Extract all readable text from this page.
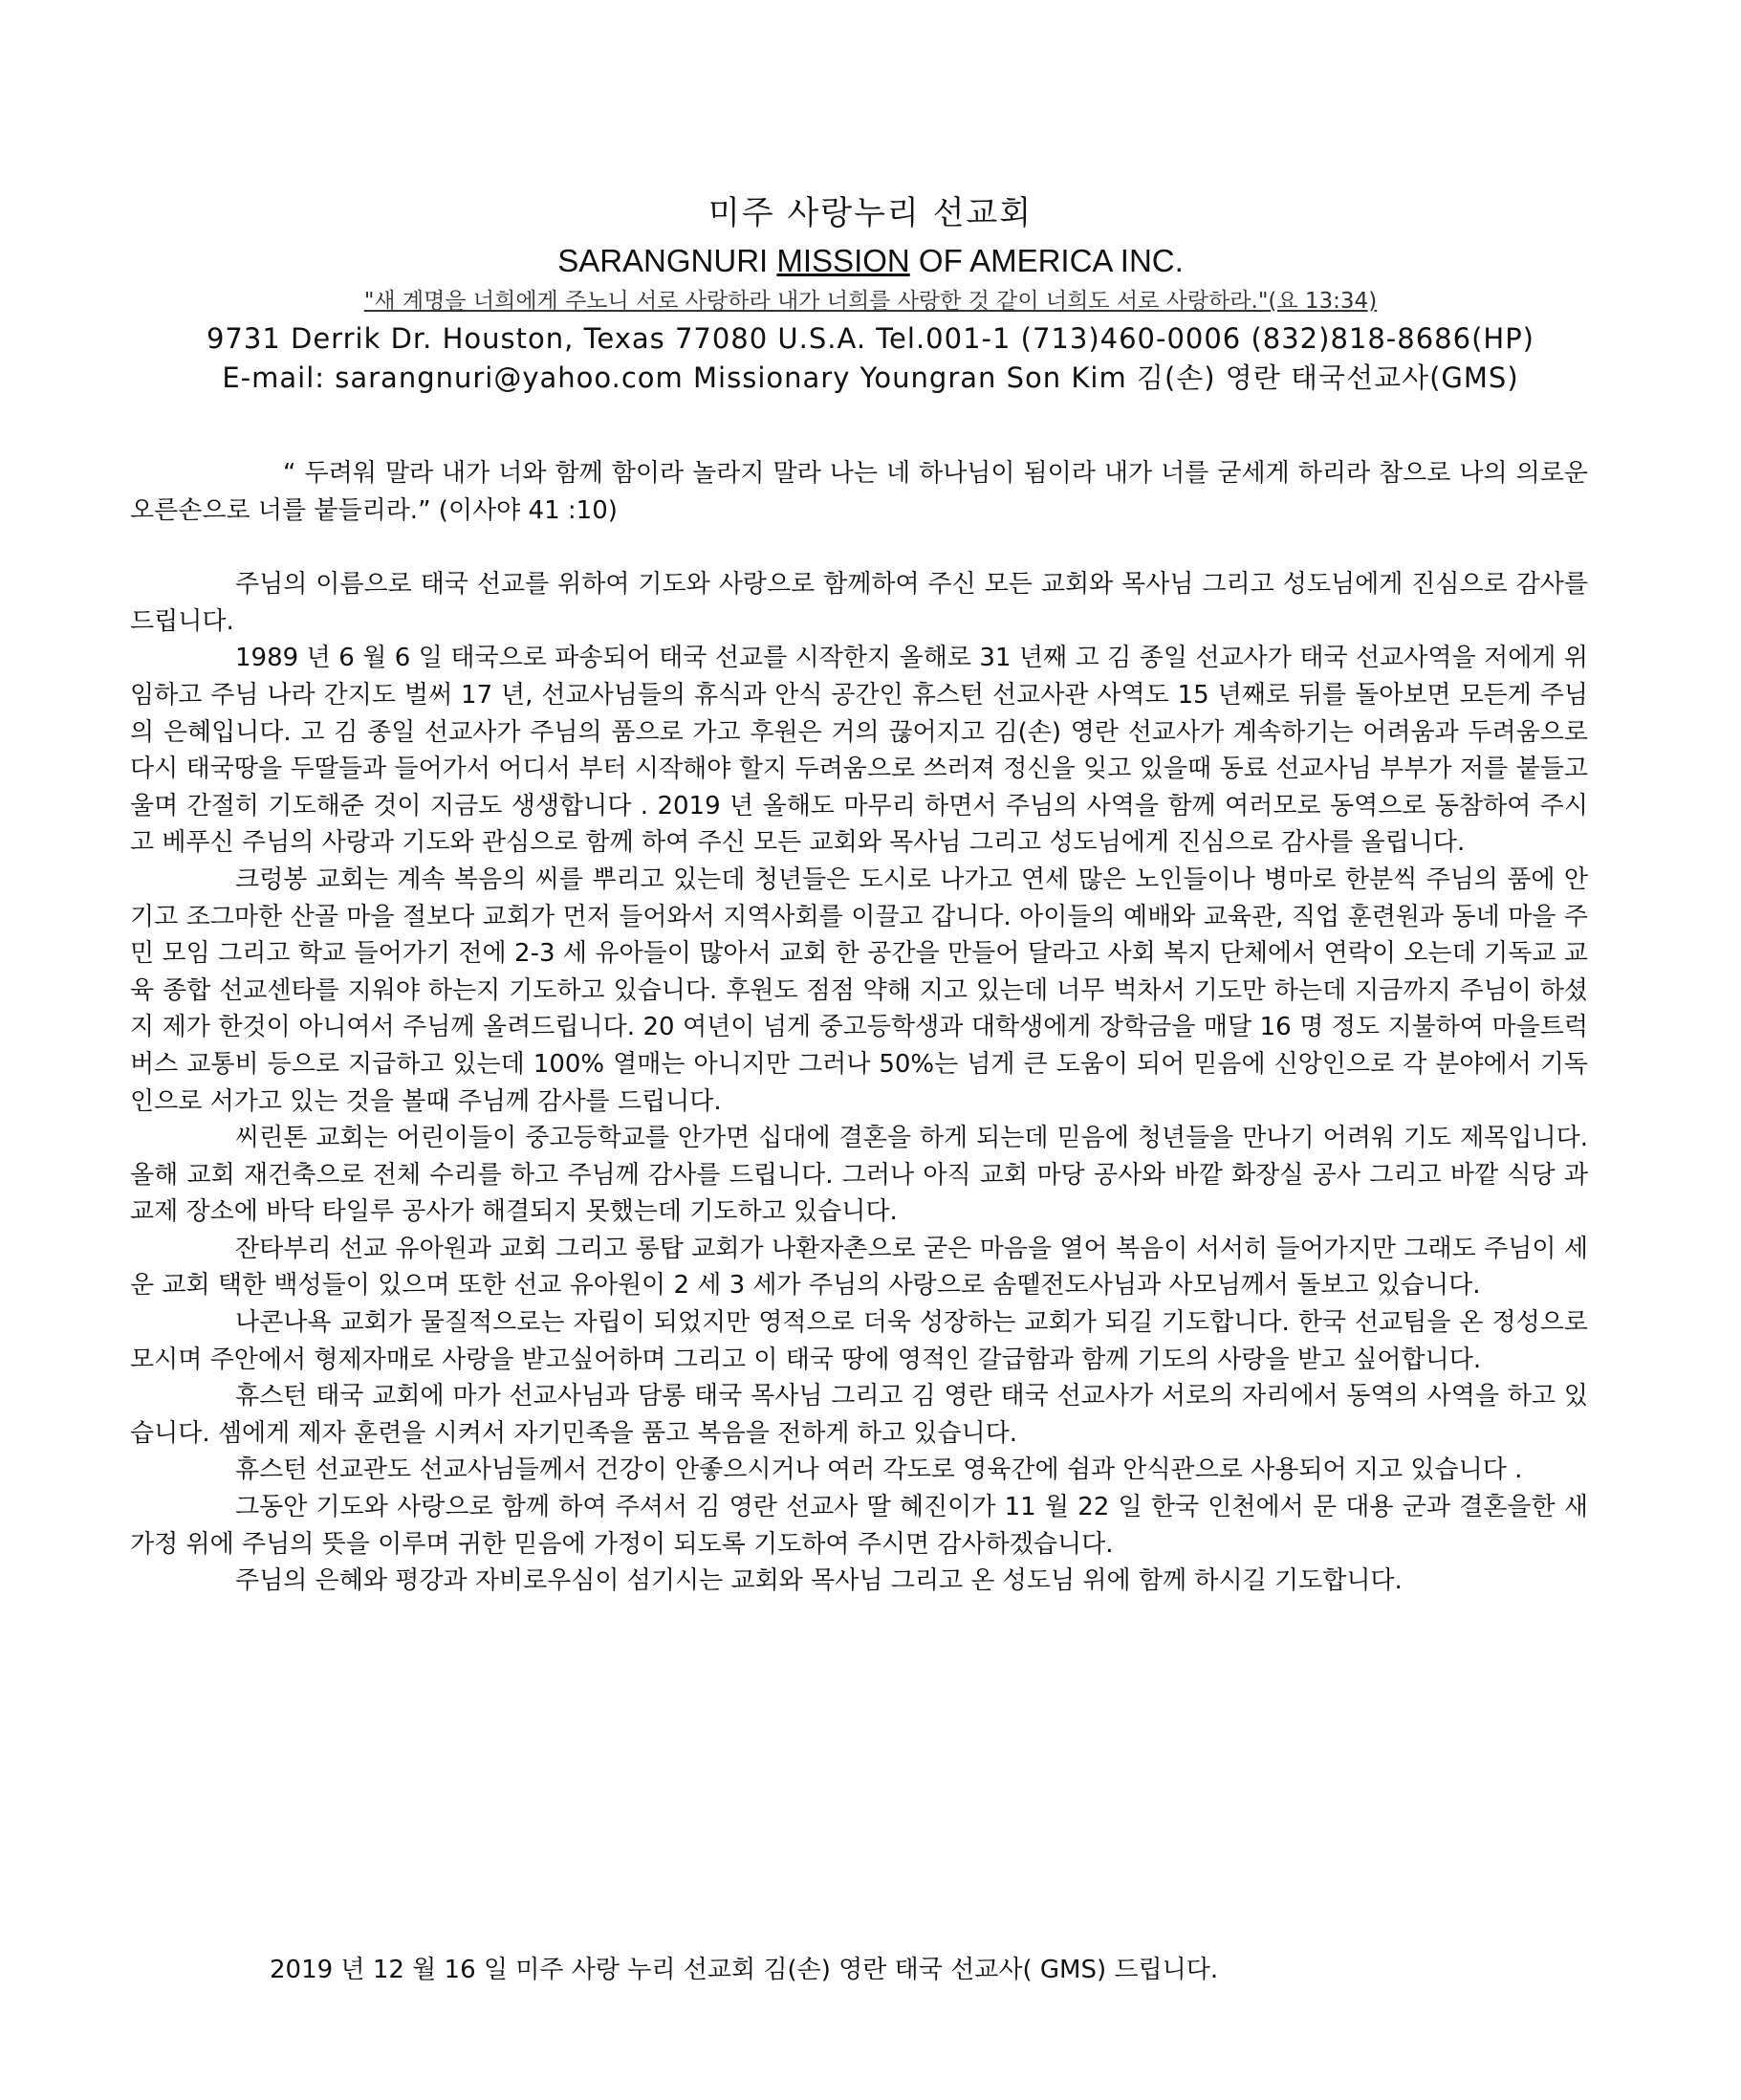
미주 사랑누리 선교회
SARANGNURI MISSION OF AMERICA INC.
"새 계명을 너희에게 주노니 서로 사랑하라 내가 너희를 사랑한 것 같이 너희도 서로 사랑하라."(요 13:34)
9731 Derrik Dr. Houston, Texas 77080 U.S.A. Tel.001-1 (713)460-0006 (832)818-8686(HP)
E-mail: sarangnuri@yahoo.com Missionary Youngran Son Kim 김(손) 영란 태국선교사(GMS)

“ 두려워 말라 내가 너와 함께 함이라 놀라지 말라 나는 네 하나님이 됨이라 내가 너를 굳세게 하리라 참으로 나의 의로운 오른손으로 너를 붙들리라.” (이사야 41 :10)

주님의 이름으로 태국 선교를 위하여 기도와 사랑으로 함께하여 주신 모든 교회와 목사님 그리고 성도님에게 진심으로 감사를 드립니다.

1989 년 6 월 6 일 태국으로 파송되어 태국 선교를 시작한지 올해로 31 년째 고 김 종일 선교사가 태국 선교사역을 저에게 위임하고 주님 나라 간지도 벌써 17 년, 선교사님들의 휴식과 안식 공간인 휴스턴 선교사관 사역도 15 년째로 뒤를 돌아보면 모든게 주님의 은혜입니다. 고 김 종일 선교사가 주님의 품으로 가고 후원은 거의 끊어지고 김(손) 영란 선교사가 계속하기는 어려움과 두려움으로 다시 태국땅을 두딸들과 들어가서 어디서 부터 시작해야 할지 두려움으로 쓰러져 정신을 잊고 있을때 동료 선교사님 부부가 저를 붙들고 울며 간절히 기도해준 것이 지금도 생생합니다 . 2019 년 올해도 마무리 하면서 주님의 사역을 함께 여러모로 동역으로 동참하여 주시고 베푸신 주님의 사랑과 기도와 관심으로 함께 하여 주신 모든 교회와 목사님 그리고 성도님에게 진심으로 감사를 올립니다.

크렁봉 교회는 계속 복음의 씨를 뿌리고 있는데 청년들은 도시로 나가고 연세 많은 노인들이나 병마로 한분씩 주님의 품에 안기고 조그마한 산골 마을 절보다 교회가 먼저 들어와서 지역사회를 이끌고 갑니다. 아이들의 예배와 교육관, 직업 훈련원과 동네 마을 주민 모임 그리고 학교 들어가기 전에 2-3 세 유아들이 많아서 교회 한 공간을 만들어 달라고 사회 복지 단체에서 연락이 오는데 기독교 교육 종합 선교센타를 지워야 하는지 기도하고 있습니다. 후원도 점점 약해 지고 있는데 너무 벅차서 기도만 하는데 지금까지 주님이 하셨지 제가 한것이 아니여서 주님께 올려드립니다. 20 여년이 넘게 중고등학생과 대학생에게 장학금을 매달 16 명 정도 지불하여 마을트럭버스 교통비 등으로 지급하고 있는데 100% 열매는 아니지만 그러나 50%는 넘게 큰 도움이 되어 믿음에 신앙인으로 각 분야에서 기독인으로 서가고 있는 것을 볼때 주님께 감사를 드립니다.

씨린톤 교회는 어린이들이 중고등학교를 안가면 십대에 결혼을 하게 되는데 믿음에 청년들을 만나기 어려워 기도 제목입니다. 올해 교회 재건축으로 전체 수리를 하고 주님께 감사를 드립니다. 그러나 아직 교회 마당 공사와 바깥 화장실 공사 그리고 바깥 식당 과 교제 장소에 바닥 타일루 공사가 해결되지 못했는데 기도하고 있습니다.

잔타부리 선교 유아원과 교회 그리고 롱탑 교회가 나환자촌으로 굳은 마음을 열어 복음이 서서히 들어가지만 그래도 주님이 세운 교회 택한 백성들이 있으며 또한 선교 유아원이 2 세 3 세가 주님의 사랑으로 솜뗕전도사님과 사모님께서 돌보고 있습니다.

나콘나욕 교회가 물질적으로는 자립이 되었지만 영적으로 더욱 성장하는 교회가 되길 기도합니다. 한국 선교팀을 온 정성으로 모시며 주안에서 형제자매로 사랑을 받고싶어하며 그리고 이 태국 땅에 영적인 갈급함과 함께 기도의 사랑을 받고 싶어합니다.

휴스턴 태국 교회에 마가 선교사님과 담롱 태국 목사님 그리고 김 영란 태국 선교사가 서로의 자리에서 동역의 사역을 하고 있습니다. 셈에게 제자 훈련을 시켜서 자기민족을 품고 복음을 전하게 하고 있습니다.

휴스턴 선교관도 선교사님들께서 건강이 안좋으시거나 여러 각도로 영육간에 쉼과 안식관으로 사용되어 지고 있습니다 .

그동안 기도와 사랑으로 함께 하여 주셔서 김 영란 선교사 딸 혜진이가 11 월 22 일 한국 인천에서 문 대용 군과 결혼을한 새 가정 위에 주님의 뜻을 이루며 귀한 믿음에 가정이 되도록 기도하여 주시면 감사하겠습니다.

주님의 은혜와 평강과 자비로우심이 섬기시는 교회와 목사님 그리고 온 성도님 위에 함께 하시길 기도합니다.

2019 년 12 월 16 일 미주 사랑 누리 선교회 김(손) 영란 태국 선교사( GMS) 드립니다.
